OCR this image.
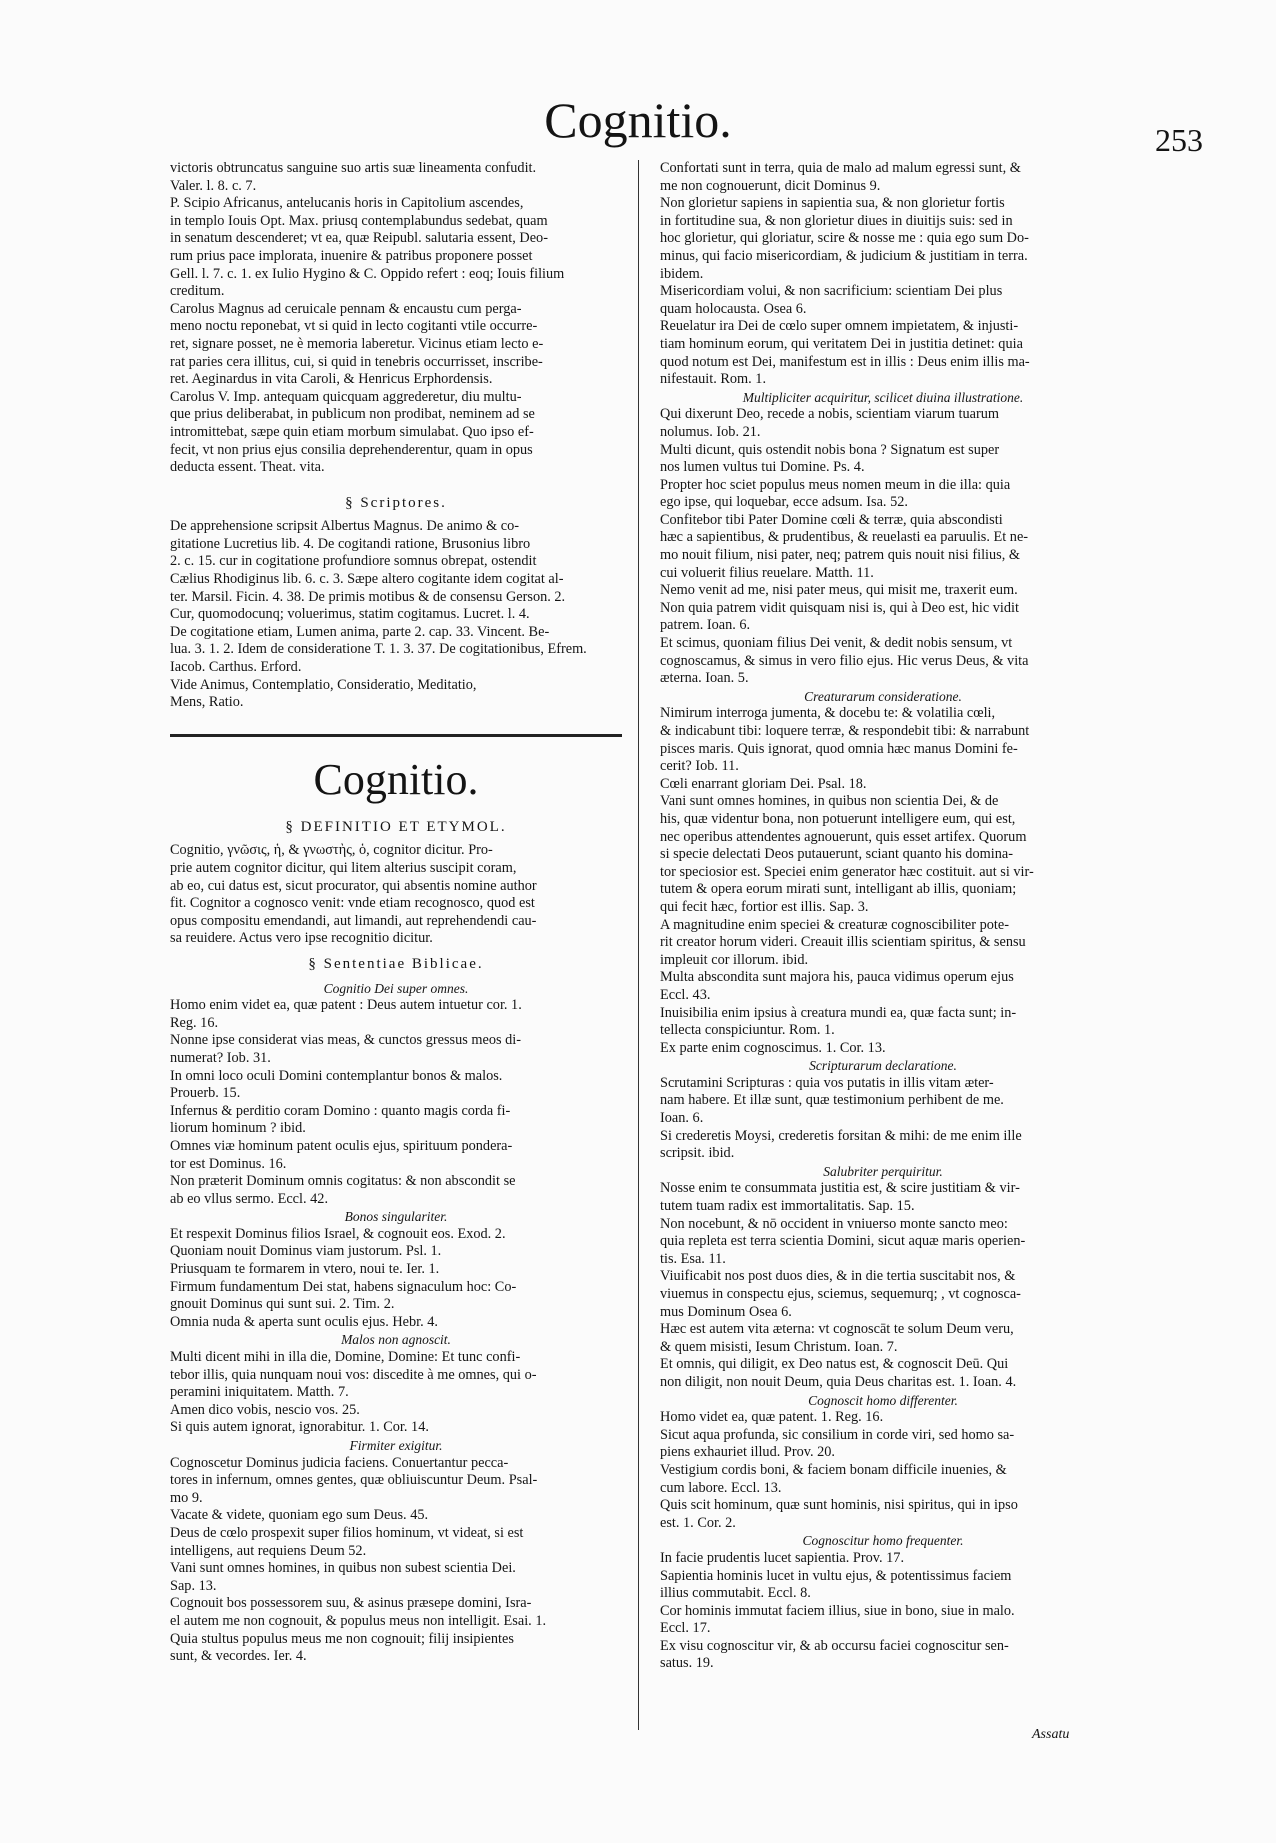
Cognitio.	253
victoris obtruncatus sanguine suo artis suæ lineamenta confudit.
Valer. l. 8. c. 7.
P. Scipio Africanus, antelucanis horis in Capitolium ascendes,
in templo Iouis Opt. Max. priusq contemplabundus sedebat, quam
in senatum descenderet; vt ea, quæ Reipubl. salutaria essent, Deo-
rum prius pace implorata, inuenire & patribus proponere posset
Gell. l. 7. c. 1. ex Iulio Hygino & C. Oppido refert : eoq; Iouis filium
creditum.
Carolus Magnus ad ceruicale pennam & encaustu cum perga-
meno noctu reponebat, vt si quid in lecto cogitanti vtile occurre-
ret, signare posset, ne è memoria laberetur. Vicinus etiam lecto e-
rat paries cera illitus, cui, si quid in tenebris occurrisset, inscribe-
ret. Aeginardus in vita Caroli, & Henricus Erphordensis.
Carolus V. Imp. antequam quicquam aggrederetur, diu multu-
que prius deliberabat, in publicum non prodibat, neminem ad se
intromittebat, sæpe quin etiam morbum simulabat. Quo ipso ef-
fecit, vt non prius ejus consilia deprehenderentur, quam in opus
deducta essent. Theat. vita.
§ Scriptores.
De apprehensione scripsit Albertus Magnus. De animo & co-
gitatione Lucretius lib. 4. De cogitandi ratione, Brusonius libro
2. c. 15. cur in cogitatione profundiore somnus obrepat, ostendit
Cælius Rhodiginus lib. 6. c. 3. Sæpe altero cogitante idem cogitat al-
ter. Marsil. Ficin. 4. 38. De primis motibus & de consensu Gerson. 2.
Cur, quomodocunq; voluerimus, statim cogitamus. Lucret. l. 4.
De cogitatione etiam, Lumen anima, parte 2. cap. 33. Vincent. Be-
lua. 3. 1. 2. Idem de consideratione T. 1. 3. 37. De cogitationibus, Efrem.
Iacob. Carthus. Erford.
Vide Animus, Contemplatio, Consideratio, Meditatio,
Mens, Ratio.
Cognitio.
§ DEFINITIO ET ETYMOL.
Cognitio, γνῶσις, ἡ, & γνωστὴς, ὁ, cognitor dicitur. Pro-
prie autem cognitor dicitur, qui litem alterius suscipit coram,
ab eo, cui datus est, sicut procurator, qui absentis nomine author
fit. Cognitor a cognosco venit: vnde etiam recognosco, quod est
opus compositu emendandi, aut limandi, aut reprehendendi cau-
sa reuidere. Actus vero ipse recognitio dicitur.
§ Sententiae Biblicae.
Cognitio Dei super omnes.
Homo enim videt ea, quæ patent : Deus autem intuetur cor. 1.
Reg. 16.
Nonne ipse considerat vias meas, & cunctos gressus meos di-
numerat? Iob. 31.
In omni loco oculi Domini contemplantur bonos & malos.
Prouerb. 15.
Infernus & perditio coram Domino : quanto magis corda fi-
liorum hominum ? ibid.
Omnes viæ hominum patent oculis ejus, spirituum pondera-
tor est Dominus. 16.
Non præterit Dominum omnis cogitatus: & non abscondit se
ab eo vllus sermo. Eccl. 42.
Bonos singulariter.
Et respexit Dominus filios Israel, & cognouit eos. Exod. 2.
Quoniam nouit Dominus viam justorum. Psl. 1.
Priusquam te formarem in vtero, noui te. Ier. 1.
Firmum fundamentum Dei stat, habens signaculum hoc: Co-
gnouit Dominus qui sunt sui. 2. Tim. 2.
Omnia nuda & aperta sunt oculis ejus. Hebr. 4.
Malos non agnoscit.
Multi dicent mihi in illa die, Domine, Domine: Et tunc confi-
tebor illis, quia nunquam noui vos: discedite à me omnes, qui o-
peramini iniquitatem. Matth. 7.
Amen dico vobis, nescio vos. 25.
Si quis autem ignorat, ignorabitur. 1. Cor. 14.
Firmiter exigitur.
Cognoscetur Dominus judicia faciens. Conuertantur pecca-
tores in infernum, omnes gentes, quæ obliuiscuntur Deum. Psal-
mo 9.
Vacate & videte, quoniam ego sum Deus. 45.
Deus de cœlo prospexit super filios hominum, vt videat, si est
intelligens, aut requiens Deum 52.
Vani sunt omnes homines, in quibus non subest scientia Dei.
Sap. 13.
Cognouit bos possessorem suu, & asinus præsepe domini, Isra-
el autem me non cognouit, & populus meus non intelligit. Esai. 1.
Quia stultus populus meus me non cognouit; filij insipientes
sunt, & vecordes. Ier. 4.
Confortati sunt in terra, quia de malo ad malum egressi sunt, &
me non cognouerunt, dicit Dominus 9.
Non glorietur sapiens in sapientia sua, & non glorietur fortis
in fortitudine sua, & non glorietur diues in diuitijs suis: sed in
hoc glorietur, qui gloriatur, scire & nosse me : quia ego sum Do-
minus, qui facio misericordiam, & judicium & justitiam in terra.
ibidem.
Misericordiam volui, & non sacrificium: scientiam Dei plus
quam holocausta. Osea 6.
Reuelatur ira Dei de cœlo super omnem impietatem, & injusti-
tiam hominum eorum, qui veritatem Dei in justitia detinet: quia
quod notum est Dei, manifestum est in illis : Deus enim illis ma-
nifestauit. Rom. 1.
Multipliciter acquiritur, scilicet diuina illustratione.
Qui dixerunt Deo, recede a nobis, scientiam viarum tuarum
nolumus. Iob. 21.
Multi dicunt, quis ostendit nobis bona ? Signatum est super
nos lumen vultus tui Domine. Ps. 4.
Propter hoc sciet populus meus nomen meum in die illa: quia
ego ipse, qui loquebar, ecce adsum. Isa. 52.
Confitebor tibi Pater Domine cœli & terræ, quia abscondisti
hæc a sapientibus, & prudentibus, & reuelasti ea paruulis. Et ne-
mo nouit filium, nisi pater, neq; patrem quis nouit nisi filius, &
cui voluerit filius reuelare. Matth. 11.
Nemo venit ad me, nisi pater meus, qui misit me, traxerit eum.
Non quia patrem vidit quisquam nisi is, qui à Deo est, hic vidit
patrem. Ioan. 6.
Et scimus, quoniam filius Dei venit, & dedit nobis sensum, vt
cognoscamus, & simus in vero filio ejus. Hic verus Deus, & vita
æterna. Ioan. 5.
Creaturarum consideratione.
Nimirum interroga jumenta, & docebu te: & volatilia cœli,
& indicabunt tibi: loquere terræ, & respondebit tibi: & narrabunt
pisces maris. Quis ignorat, quod omnia hæc manus Domini fe-
cerit? Iob. 11.
Cœli enarrant gloriam Dei. Psal. 18.
Vani sunt omnes homines, in quibus non scientia Dei, & de
his, quæ videntur bona, non potuerunt intelligere eum, qui est,
nec operibus attendentes agnouerunt, quis esset artifex. Quorum
si specie delectati Deos putauerunt, sciant quanto his domina-
tor speciosior est. Speciei enim generator hæc costituit. aut si vir-
tutem & opera eorum mirati sunt, intelligant ab illis, quoniam;
qui fecit hæc, fortior est illis. Sap. 3.
A magnitudine enim speciei & creaturæ cognoscibiliter pote-
rit creator horum videri. Creauit illis scientiam spiritus, & sensu
impleuit cor illorum. ibid.
Multa abscondita sunt majora his, pauca vidimus operum ejus
Eccl. 43.
Inuisibilia enim ipsius à creatura mundi ea, quæ facta sunt; in-
tellecta conspiciuntur. Rom. 1.
Ex parte enim cognoscimus. 1. Cor. 13.
Scripturarum declaratione.
Scrutamini Scripturas : quia vos putatis in illis vitam æter-
nam habere. Et illæ sunt, quæ testimonium perhibent de me.
Ioan. 6.
Si crederetis Moysi, crederetis forsitan & mihi: de me enim ille
scripsit. ibid.
Salubriter perquiritur.
Nosse enim te consummata justitia est, & scire justitiam & vir-
tutem tuam radix est immortalitatis. Sap. 15.
Non nocebunt, & nō occident in vniuerso monte sancto meo:
quia repleta est terra scientia Domini, sicut aquæ maris operien-
tis. Esa. 11.
Viuificabit nos post duos dies, & in die tertia suscitabit nos, &
viuemus in conspectu ejus, sciemus, sequemurq; , vt cognosca-
mus Dominum Osea 6.
Hæc est autem vita æterna: vt cognoscāt te solum Deum veru,
& quem misisti, Iesum Christum. Ioan. 7.
Et omnis, qui diligit, ex Deo natus est, & cognoscit Deū. Qui
non diligit, non nouit Deum, quia Deus charitas est. 1. Ioan. 4.
Cognoscit homo differenter.
Homo videt ea, quæ patent. 1. Reg. 16.
Sicut aqua profunda, sic consilium in corde viri, sed homo sa-
piens exhauriet illud. Prov. 20.
Vestigium cordis boni, & faciem bonam difficile inuenies, &
cum labore. Eccl. 13.
Quis scit hominum, quæ sunt hominis, nisi spiritus, qui in ipso
est. 1. Cor. 2.
Cognoscitur homo frequenter.
In facie prudentis lucet sapientia. Prov. 17.
Sapientia hominis lucet in vultu ejus, & potentissimus faciem
illius commutabit. Eccl. 8.
Cor hominis immutat faciem illius, siue in bono, siue in malo.
Eccl. 17.
Ex visu cognoscitur vir, & ab occursu faciei cognoscitur sen-
satus. 19.
Assatu
